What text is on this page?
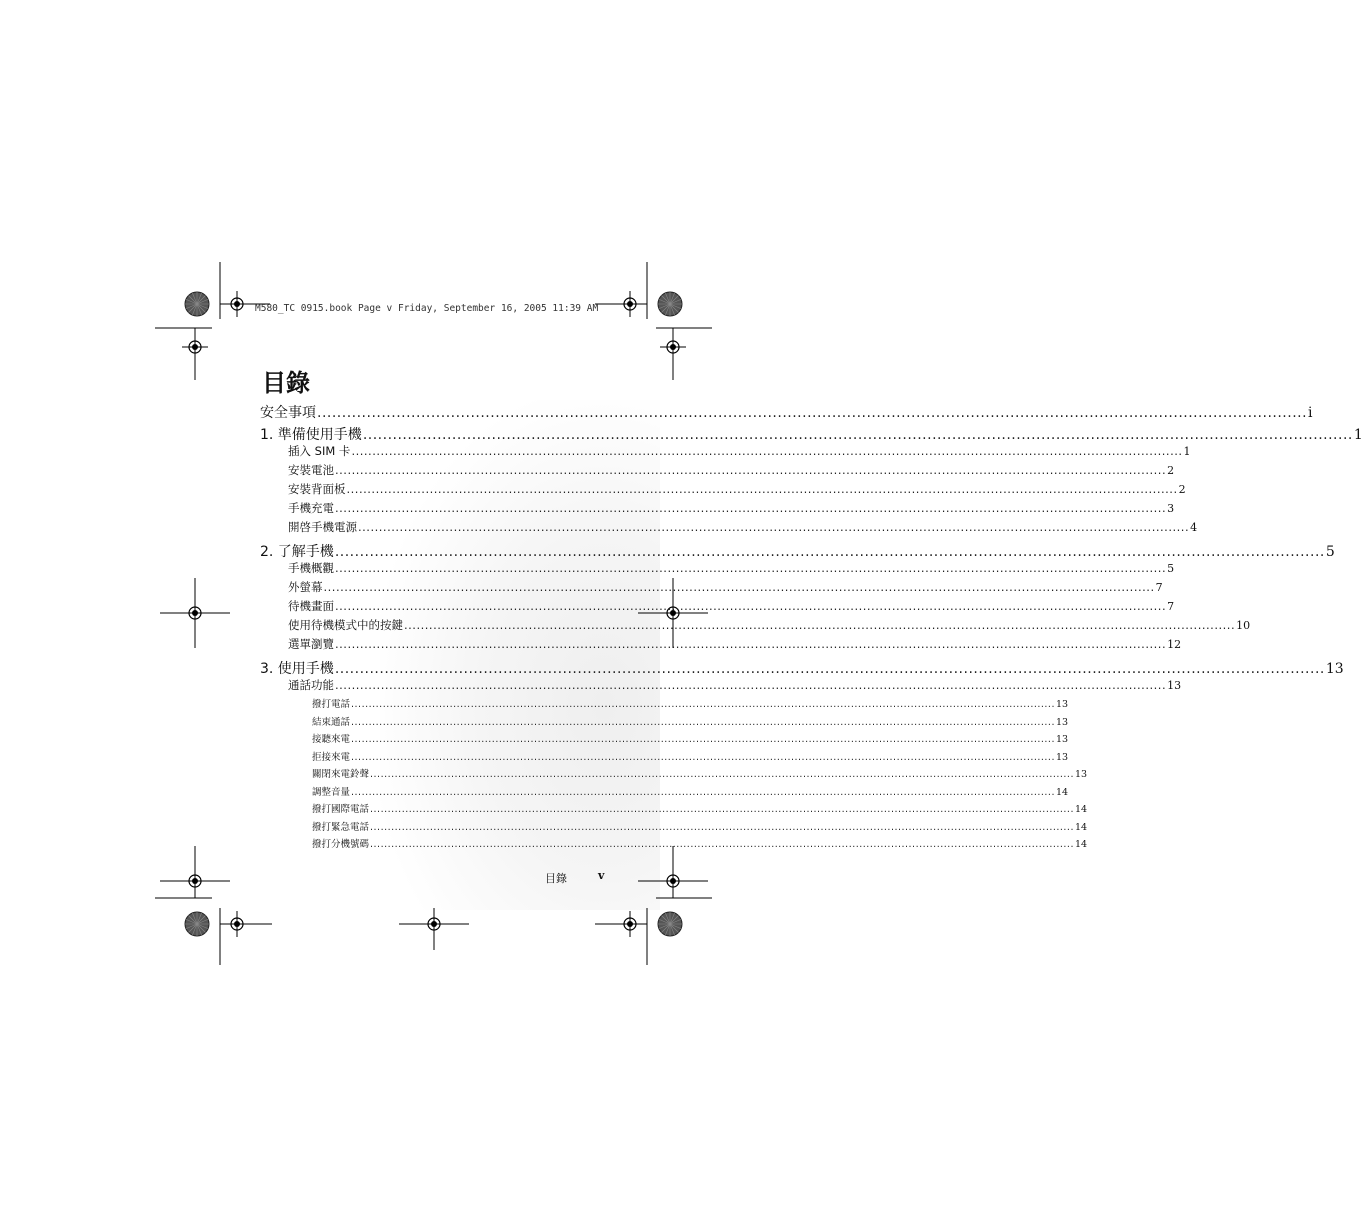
M580_TC 0915.book Page v Friday, September 16, 2005 11:39 AM
目錄
安全事項 ........................................................................................................................................................................................................ i
1. 準備使用手機 ........................................................................................................................................................................................................ 1
插入 SIM 卡 ........................................................................................................................................................................................................ 1
安裝電池 ........................................................................................................................................................................................................ 2
安裝背面板 ........................................................................................................................................................................................................ 2
手機充電 ........................................................................................................................................................................................................ 3
開啓手機電源 ........................................................................................................................................................................................................ 4
2. 了解手機 ........................................................................................................................................................................................................ 5
手機概觀 ........................................................................................................................................................................................................ 5
外螢幕 ........................................................................................................................................................................................................ 7
待機畫面 ........................................................................................................................................................................................................ 7
使用待機模式中的按鍵 ........................................................................................................................................................................................................ 10
選單瀏覽 ........................................................................................................................................................................................................ 12
3. 使用手機 ........................................................................................................................................................................................................ 13
通話功能 ........................................................................................................................................................................................................ 13
撥打電話 ........................................................................................................................................................................................................ 13
結束通話 ........................................................................................................................................................................................................ 13
接聽來電 ........................................................................................................................................................................................................ 13
拒接來電 ........................................................................................................................................................................................................ 13
關閉來電鈴聲 ........................................................................................................................................................................................................ 13
調整音量 ........................................................................................................................................................................................................ 14
撥打國際電話 ........................................................................................................................................................................................................ 14
撥打緊急電話 ........................................................................................................................................................................................................ 14
撥打分機號碼 ........................................................................................................................................................................................................ 14
目錄	v
